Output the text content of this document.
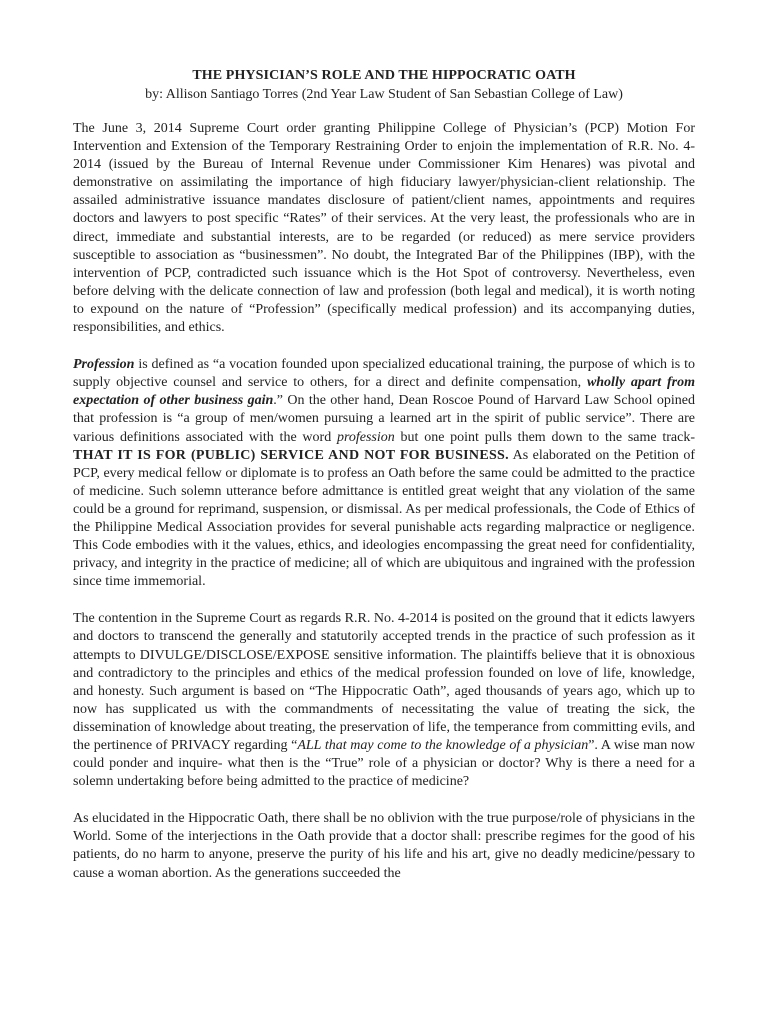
THE PHYSICIAN’S ROLE AND THE HIPPOCRATIC OATH
by: Allison Santiago Torres (2nd Year Law Student of San Sebastian College of Law)

The June 3, 2014 Supreme Court order granting Philippine College of Physician’s (PCP) Motion For Intervention and Extension of the Temporary Restraining Order to enjoin the implementation of R.R. No. 4-2014 (issued by the Bureau of Internal Revenue under Commissioner Kim Henares) was pivotal and demonstrative on assimilating the importance of high fiduciary lawyer/physician-client relationship. The assailed administrative issuance mandates disclosure of patient/client names, appointments and requires doctors and lawyers to post specific “Rates” of their services. At the very least, the professionals who are in direct, immediate and substantial interests, are to be regarded (or reduced) as mere service providers susceptible to association as “businessmen”. No doubt, the Integrated Bar of the Philippines (IBP), with the intervention of PCP, contradicted such issuance which is the Hot Spot of controversy. Nevertheless, even before delving with the delicate connection of law and profession (both legal and medical), it is worth noting to expound on the nature of “Profession” (specifically medical profession) and its accompanying duties, responsibilities, and ethics.

Profession is defined as “a vocation founded upon specialized educational training, the purpose of which is to supply objective counsel and service to others, for a direct and definite compensation, wholly apart from expectation of other business gain.” On the other hand, Dean Roscoe Pound of Harvard Law School opined that profession is “a group of men/women pursuing a learned art in the spirit of public service”. There are various definitions associated with the word profession but one point pulls them down to the same track- THAT IT IS FOR (PUBLIC) SERVICE AND NOT FOR BUSINESS. As elaborated on the Petition of PCP, every medical fellow or diplomate is to profess an Oath before the same could be admitted to the practice of medicine. Such solemn utterance before admittance is entitled great weight that any violation of the same could be a ground for reprimand, suspension, or dismissal. As per medical professionals, the Code of Ethics of the Philippine Medical Association provides for several punishable acts regarding malpractice or negligence. This Code embodies with it the values, ethics, and ideologies encompassing the great need for confidentiality, privacy, and integrity in the practice of medicine; all of which are ubiquitous and ingrained with the profession since time immemorial.

The contention in the Supreme Court as regards R.R. No. 4-2014 is posited on the ground that it edicts lawyers and doctors to transcend the generally and statutorily accepted trends in the practice of such profession as it attempts to DIVULGE/DISCLOSE/EXPOSE sensitive information. The plaintiffs believe that it is obnoxious and contradictory to the principles and ethics of the medical profession founded on love of life, knowledge, and honesty. Such argument is based on “The Hippocratic Oath”, aged thousands of years ago, which up to now has supplicated us with the commandments of necessitating the value of treating the sick, the dissemination of knowledge about treating, the preservation of life, the temperance from committing evils, and the pertinence of PRIVACY regarding “ALL that may come to the knowledge of a physician”. A wise man now could ponder and inquire- what then is the “True” role of a physician or doctor? Why is there a need for a solemn undertaking before being admitted to the practice of medicine?

As elucidated in the Hippocratic Oath, there shall be no oblivion with the true purpose/role of physicians in the World. Some of the interjections in the Oath provide that a doctor shall: prescribe regimes for the good of his patients, do no harm to anyone, preserve the purity of his life and his art, give no deadly medicine/pessary to cause a woman abortion. As the generations succeeded the
